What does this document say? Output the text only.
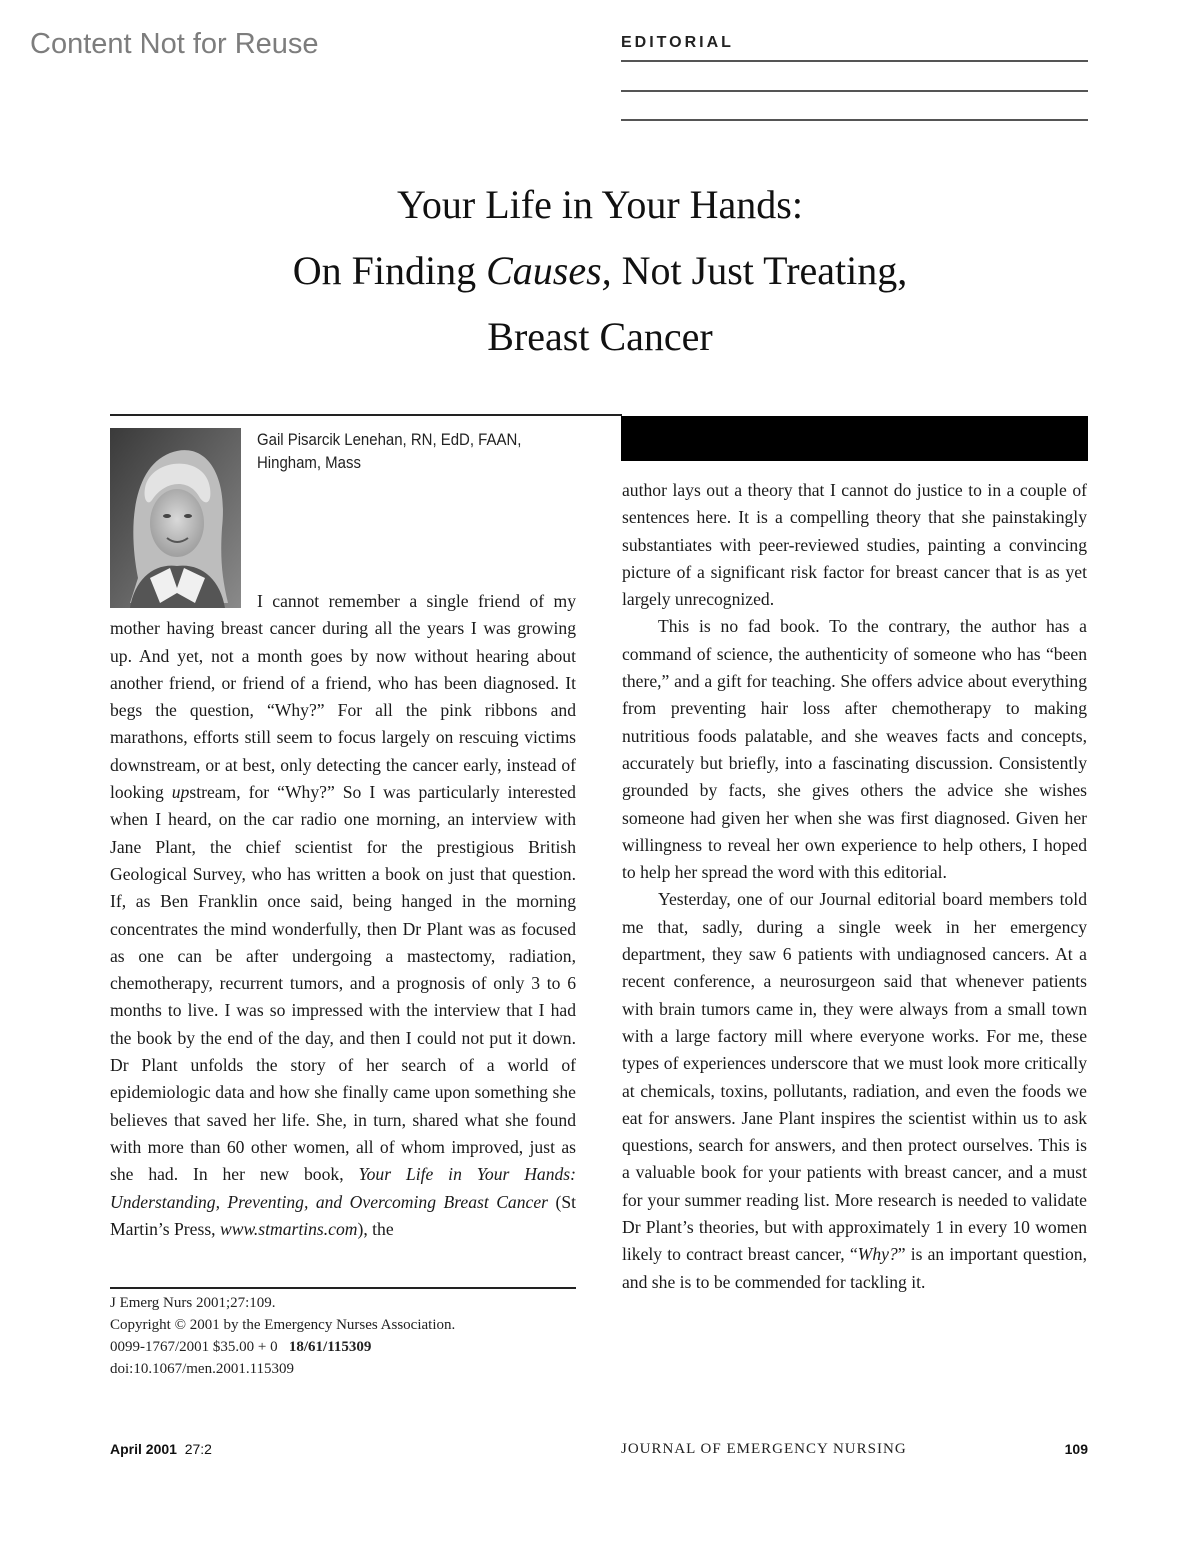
Content Not for Reuse	EDITORIAL
Your Life in Your Hands:
On Finding Causes, Not Just Treating,
Breast Cancer
Gail Pisarcik Lenehan, RN, EdD, FAAN,
Hingham, Mass

I cannot remember a single friend of my mother having breast cancer during all the years I was growing up. And yet, not a month goes by now without hearing about another friend, or friend of a friend, who has been diagnosed. It begs the question, “Why?” For all the pink ribbons and marathons, efforts still seem to focus largely on rescuing victims downstream, or at best, only detecting the cancer early, instead of looking upstream, for “Why?” So I was particularly interested when I heard, on the car radio one morning, an interview with Jane Plant, the chief scientist for the prestigious British Geological Survey, who has written a book on just that question. If, as Ben Franklin once said, being hanged in the morning concentrates the mind wonderfully, then Dr Plant was as focused as one can be after undergoing a mastectomy, radiation, chemotherapy, recurrent tumors, and a prognosis of only 3 to 6 months to live. I was so impressed with the interview that I had the book by the end of the day, and then I could not put it down. Dr Plant unfolds the story of her search of a world of epidemiologic data and how she finally came upon something she believes that saved her life. She, in turn, shared what she found with more than 60 other women, all of whom improved, just as she had. In her new book, Your Life in Your Hands: Understanding, Preventing, and Overcoming Breast Cancer (St Martin’s Press, www.stmartins.com), the

J Emerg Nurs 2001;27:109.
Copyright © 2001 by the Emergency Nurses Association.
0099-1767/2001 $35.00 + 0 18/61/115309
doi:10.1067/men.2001.115309

author lays out a theory that I cannot do justice to in a couple of sentences here. It is a compelling theory that she painstakingly substantiates with peer-reviewed studies, painting a convincing picture of a significant risk factor for breast cancer that is as yet largely unrecognized.

This is no fad book. To the contrary, the author has a command of science, the authenticity of someone who has “been there,” and a gift for teaching. She offers advice about everything from preventing hair loss after chemotherapy to making nutritious foods palatable, and she weaves facts and concepts, accurately but briefly, into a fascinating discussion. Consistently grounded by facts, she gives others the advice she wishes someone had given her when she was first diagnosed. Given her willingness to reveal her own experience to help others, I hoped to help her spread the word with this editorial.

Yesterday, one of our Journal editorial board members told me that, sadly, during a single week in her emergency department, they saw 6 patients with undiagnosed cancers. At a recent conference, a neurosurgeon said that whenever patients with brain tumors came in, they were always from a small town with a large factory mill where everyone works. For me, these types of experiences underscore that we must look more critically at chemicals, toxins, pollutants, radiation, and even the foods we eat for answers. Jane Plant inspires the scientist within us to ask questions, search for answers, and then protect ourselves. This is a valuable book for your patients with breast cancer, and a must for your summer reading list. More research is needed to validate Dr Plant’s theories, but with approximately 1 in every 10 women likely to contract breast cancer, “Why?” is an important question, and she is to be commended for tackling it.

April 2001 27:2	JOURNAL OF EMERGENCY NURSING	109
